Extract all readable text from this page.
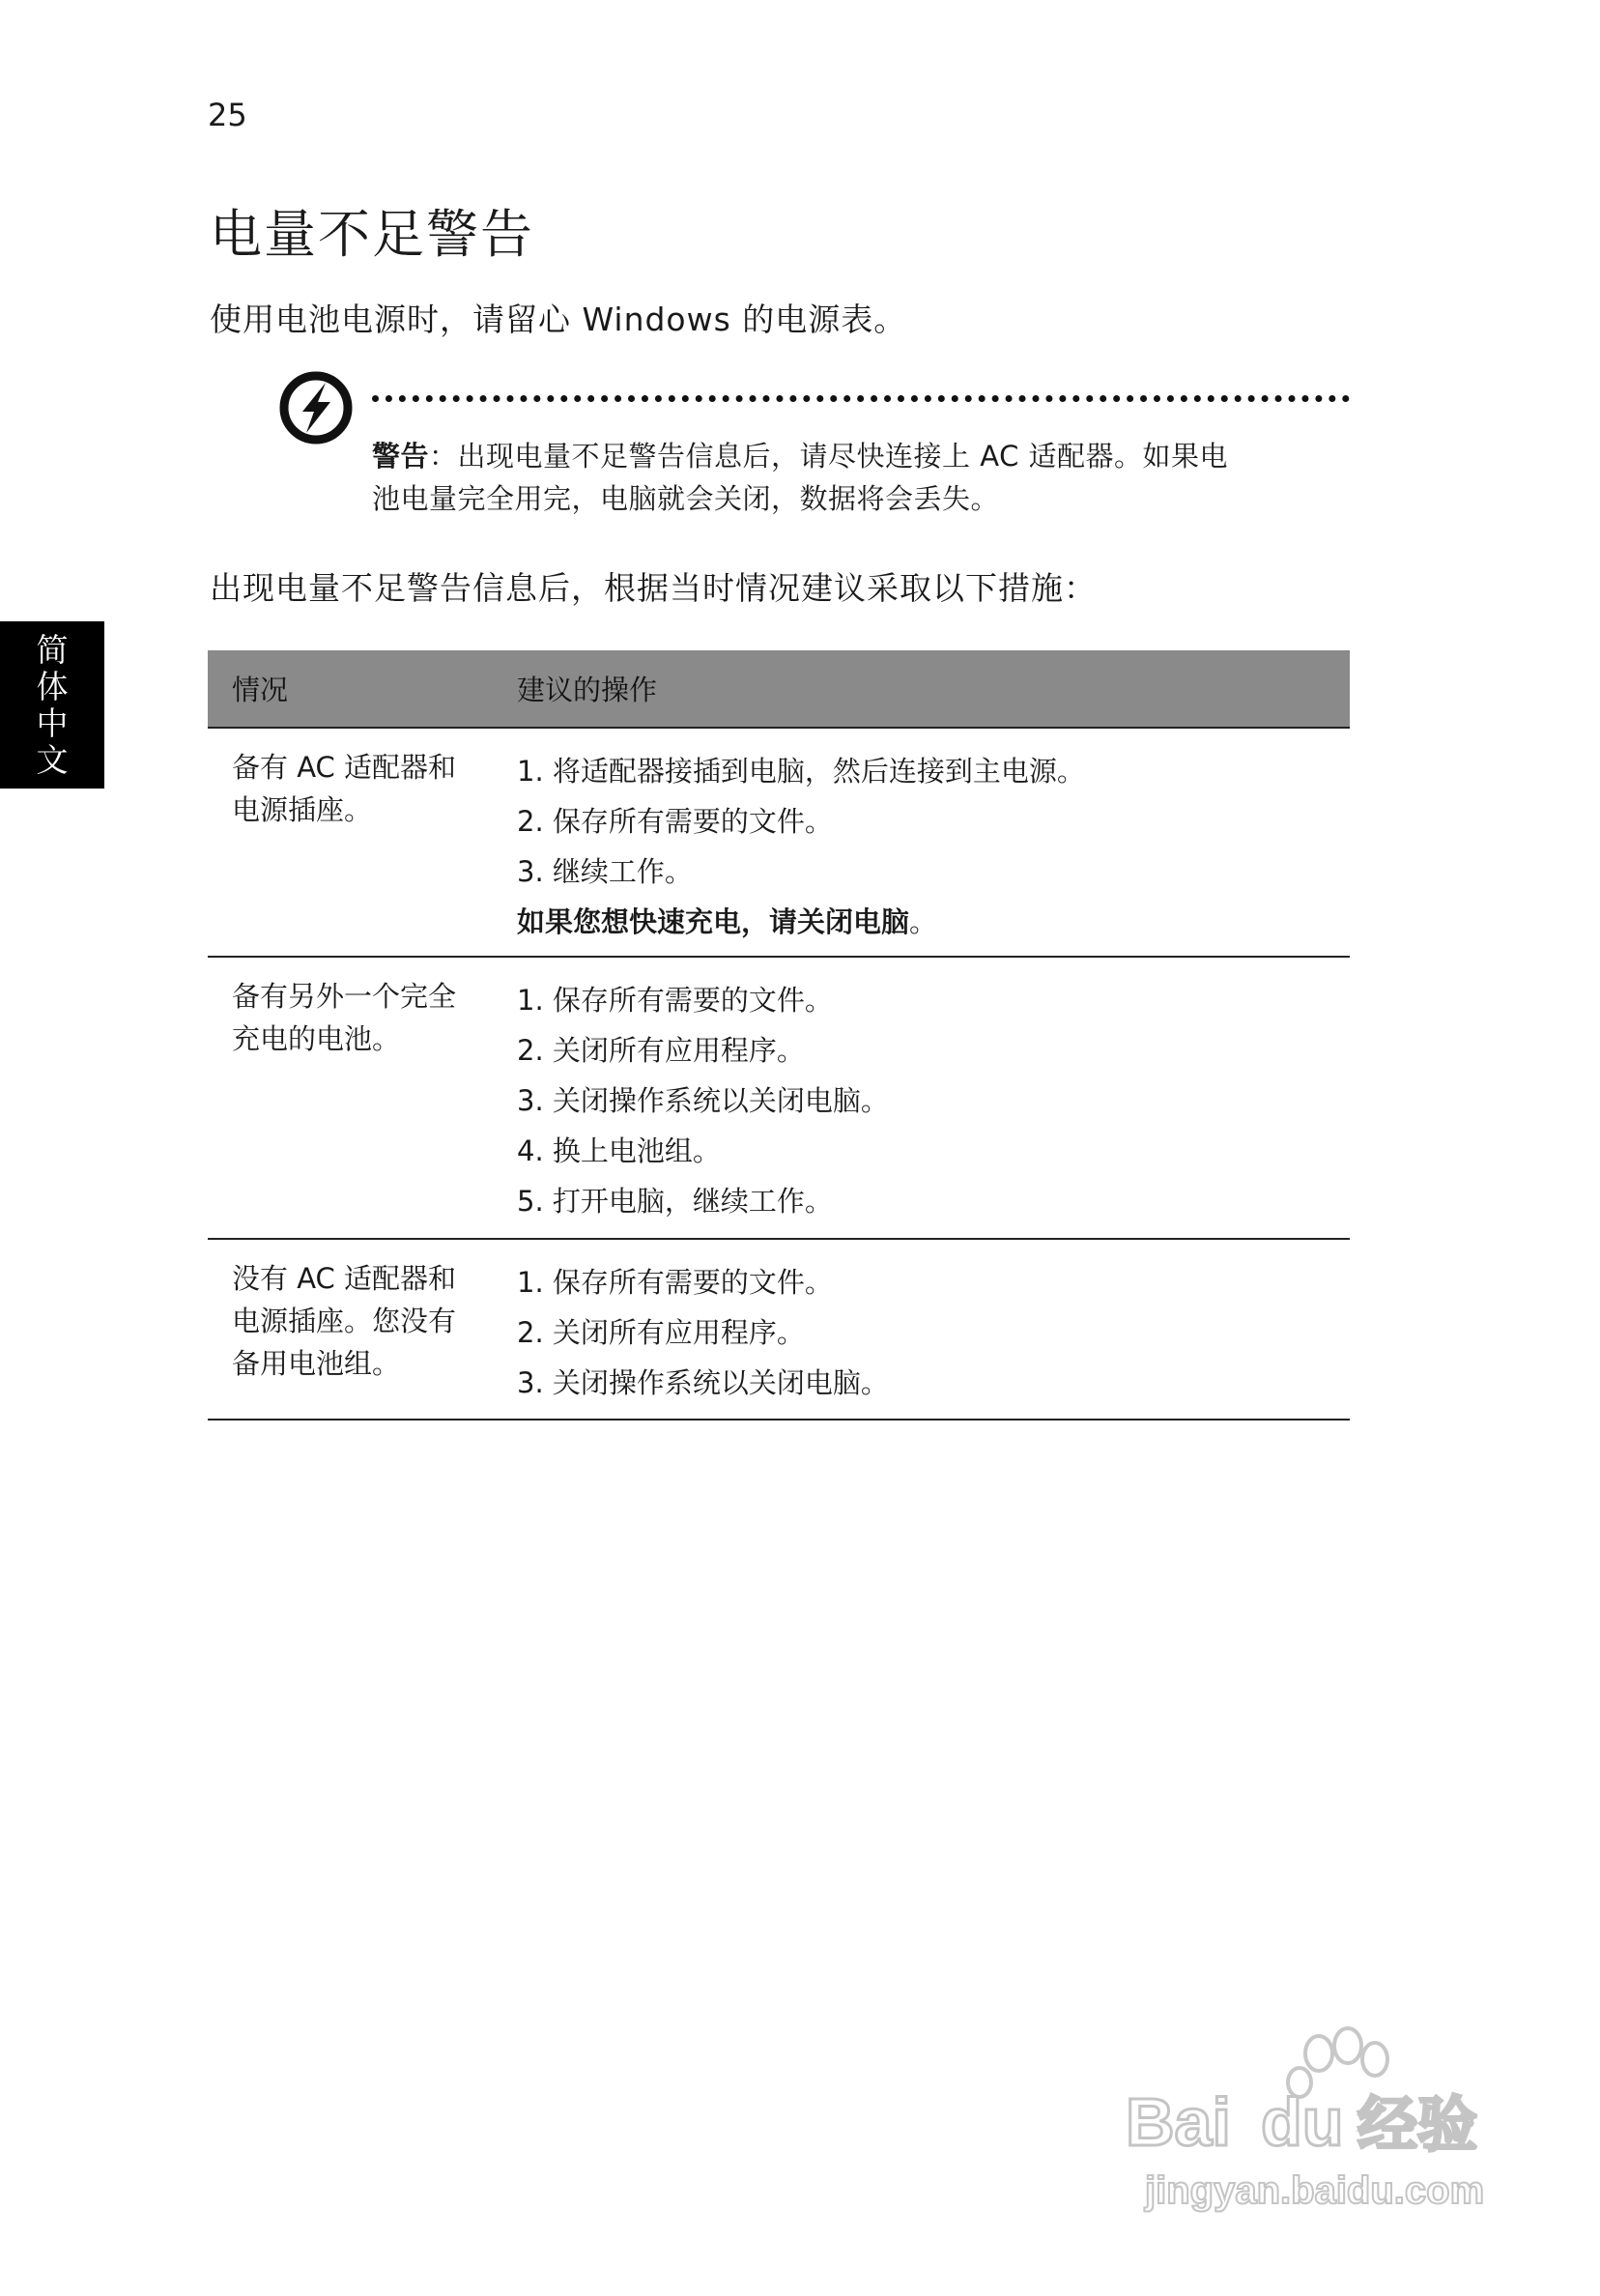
25
电量不足警告
使用电池电源时，请留心 Windows 的电源表。
警告：出现电量不足警告信息后，请尽快连接上 AC 适配器。如果电
池电量完全用完，电脑就会关闭，数据将会丢失。
出现电量不足警告信息后，根据当时情况建议采取以下措施：
简
体
中
文
情况	建议的操作
备有 AC 适配器和
电源插座。
1. 将适配器接插到电脑，然后连接到主电源。
2. 保存所有需要的文件。
3. 继续工作。
如果您想快速充电，请关闭电脑。
备有另外一个完全
充电的电池。
1. 保存所有需要的文件。
2. 关闭所有应用程序。
3. 关闭操作系统以关闭电脑。
4. 换上电池组。
5. 打开电脑，继续工作。
没有 AC 适配器和
电源插座。您没有
备用电池组。
1. 保存所有需要的文件。
2. 关闭所有应用程序。
3. 关闭操作系统以关闭电脑。
Bai du 经验
jingyan.baidu.com
